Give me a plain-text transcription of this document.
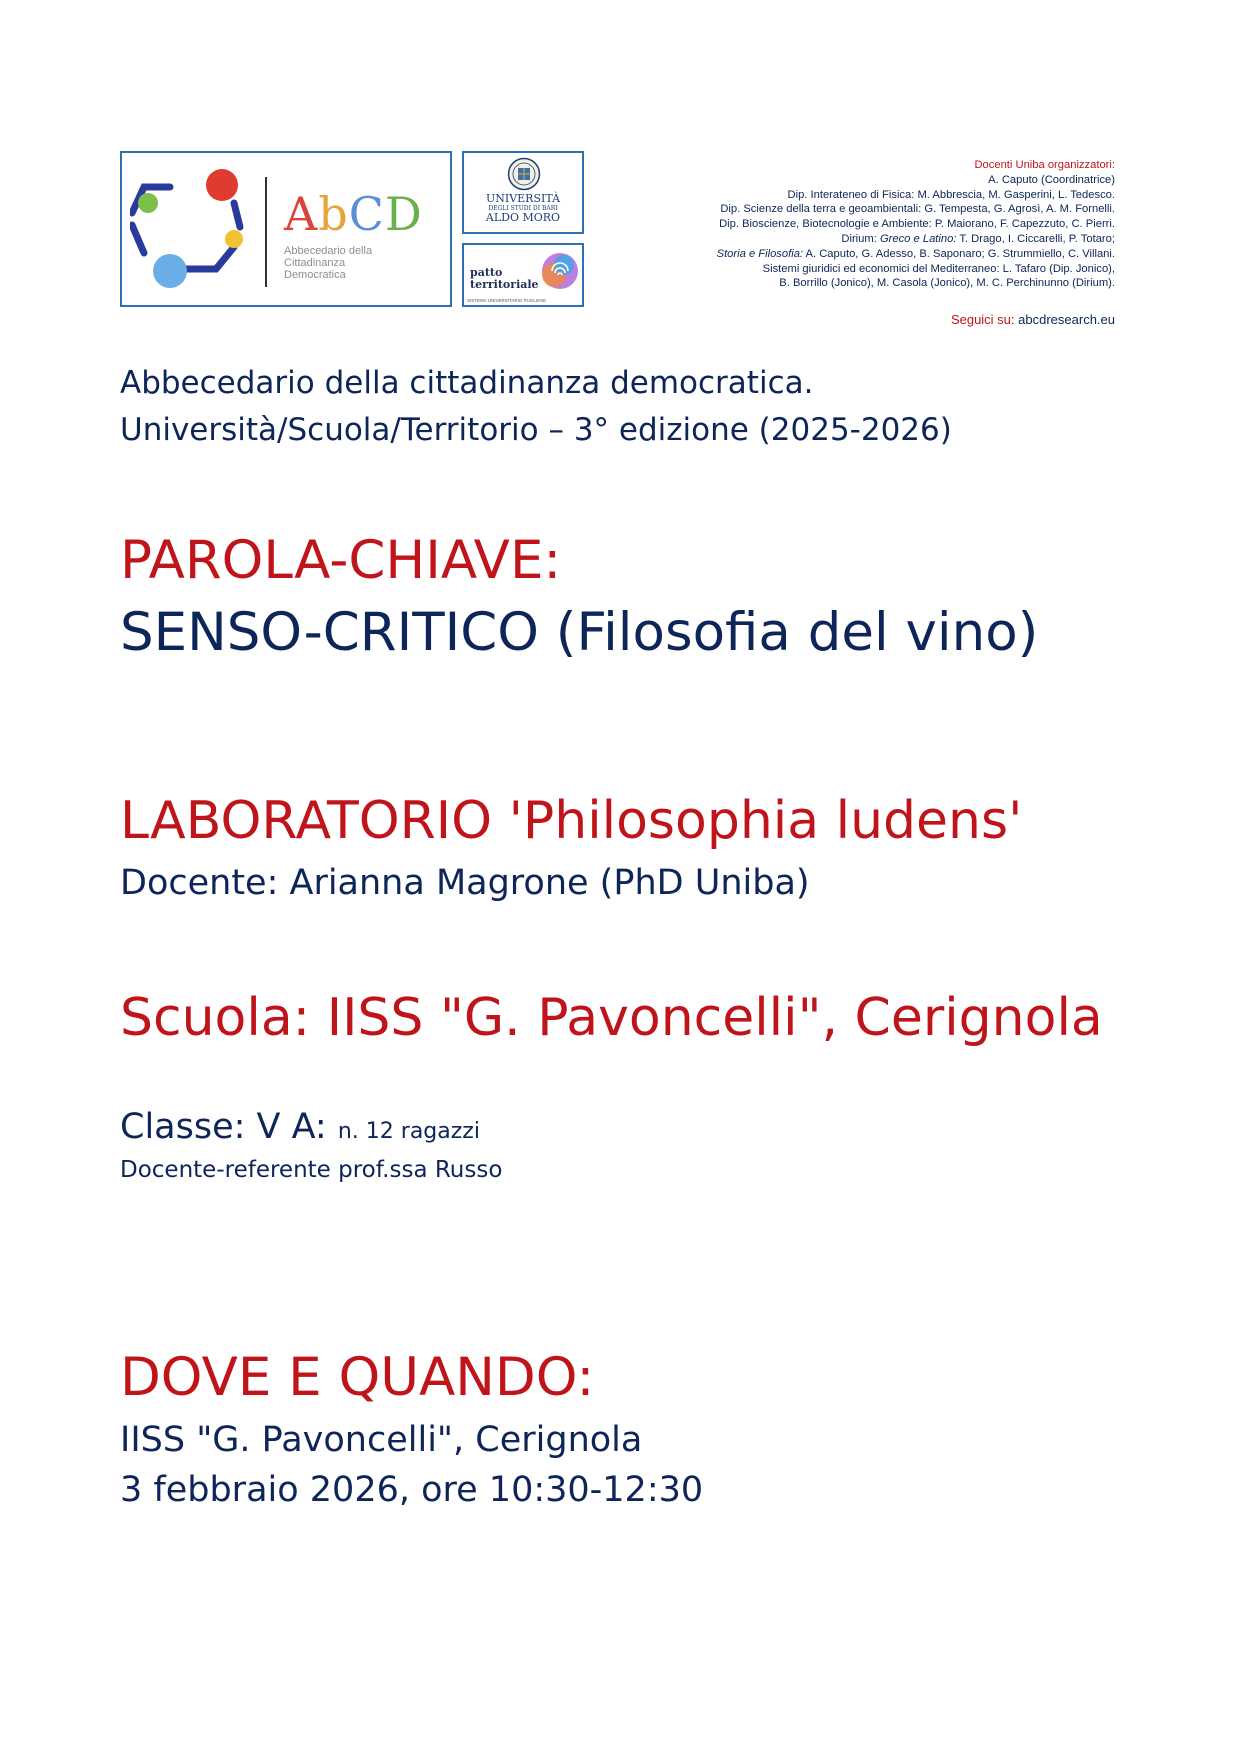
AbCD
Abbecedario della
Cittadinanza
Democratica
UNIVERSITÀ
DEGLI STUDI DI BARI
ALDO MORO
patto
territoriale
SISTEMA UNIVERSITARIO PUGLIESE
Docenti Uniba organizzatori:
A. Caputo (Coordinatrice)
Dip. Interateneo di Fisica: M. Abbrescia, M. Gasperini, L. Tedesco.
Dip. Scienze della terra e geoambientali: G. Tempesta, G. Agrosì, A. M. Fornelli.
Dip. Bioscienze, Biotecnologie e Ambiente: P. Maiorano, F. Capezzuto, C. Pierri.
Dirium: Greco e Latino: T. Drago, I. Ciccarelli, P. Totaro;
Storia e Filosofia: A. Caputo, G. Adesso, B. Saponaro; G. Strummiello, C. Villani.
Sistemi giuridici ed economici del Mediterraneo: L. Tafaro (Dip. Jonico),
B. Borrillo (Jonico), M. Casola (Jonico), M. C. Perchinunno (Dirium).
Seguici su: abcdresearch.eu
Abbecedario della cittadinanza democratica.
Università/Scuola/Territorio – 3° edizione (2025-2026)
PAROLA-CHIAVE:
SENSO-CRITICO (Filosofia del vino)
LABORATORIO 'Philosophia ludens'
Docente: Arianna Magrone (PhD Uniba)
Scuola: IISS "G. Pavoncelli", Cerignola
Classe: V A: n. 12 ragazzi
Docente-referente prof.ssa Russo
DOVE E QUANDO:
IISS "G. Pavoncelli", Cerignola
3 febbraio 2026, ore 10:30-12:30
